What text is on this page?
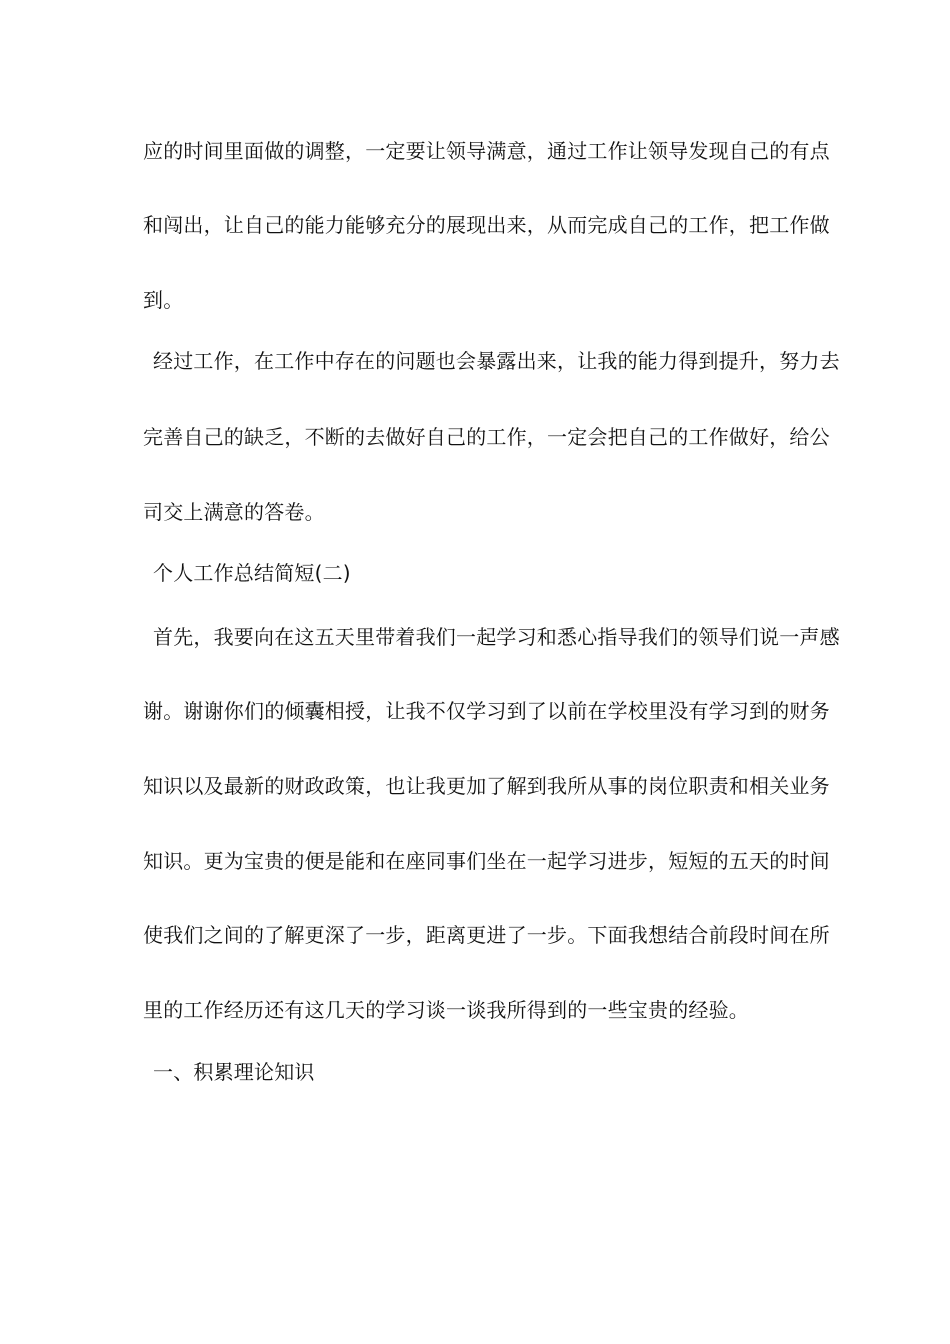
应的时间里面做的调整，一定要让领导满意，通过工作让领导发现自己的有点
和闯出，让自己的能力能够充分的展现出来，从而完成自己的工作，把工作做
到。
经过工作，在工作中存在的问题也会暴露出来，让我的能力得到提升，努力去
完善自己的缺乏，不断的去做好自己的工作，一定会把自己的工作做好，给公
司交上满意的答卷。
个人工作总结简短(二)
首先，我要向在这五天里带着我们一起学习和悉心指导我们的领导们说一声感
谢。谢谢你们的倾囊相授，让我不仅学习到了以前在学校里没有学习到的财务
知识以及最新的财政政策，也让我更加了解到我所从事的岗位职责和相关业务
知识。更为宝贵的便是能和在座同事们坐在一起学习进步，短短的五天的时间
使我们之间的了解更深了一步，距离更进了一步。下面我想结合前段时间在所
里的工作经历还有这几天的学习谈一谈我所得到的一些宝贵的经验。
一、积累理论知识
